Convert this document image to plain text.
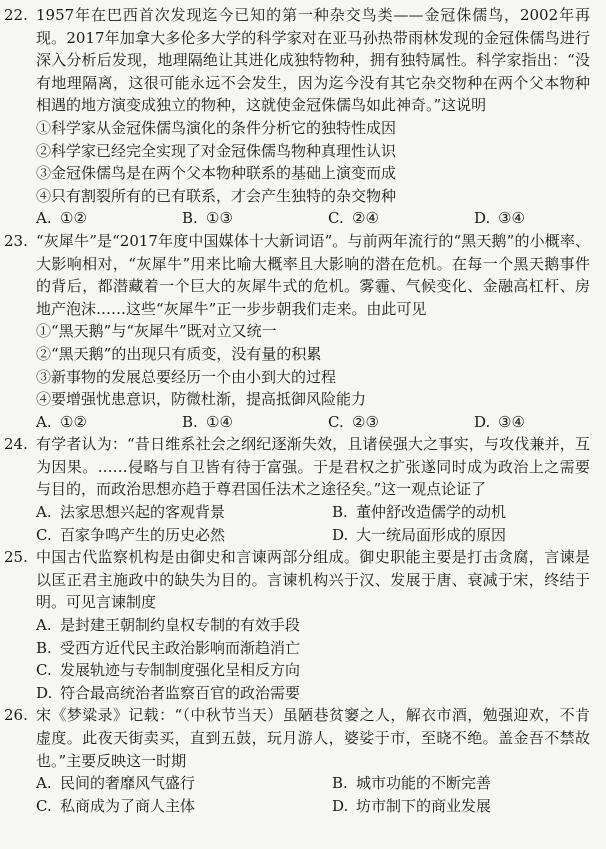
22. 1957年在巴西首次发现迄今已知的第一种杂交鸟类——金冠侏儒鸟，2002年再现。2017年加拿大多伦多大学的科学家对在亚马孙热带雨林发现的金冠侏儒鸟进行深入分析后发现，地理隔绝让其进化成独特物种，拥有独特属性。科学家指出：“没有地理隔离，这很可能永远不会发生，因为迄今没有其它杂交物种在两个父本物种相遇的地方演变成独立的物种，这就使金冠侏儒鸟如此神奇。”这说明
①科学家从金冠侏儒鸟演化的条件分析它的独特性成因
②科学家已经完全实现了对金冠侏儒鸟物种真理性认识
③金冠侏儒鸟是在两个父本物种联系的基础上演变而成
④只有割裂所有的已有联系，才会产生独特的杂交物种
A. ①②	B. ①③	C. ②④	D. ③④
23. “灰犀牛”是“2017年度中国媒体十大新词语”。与前两年流行的“黑天鹅”的小概率、大影响相对，“灰犀牛”用来比喻大概率且大影响的潜在危机。在每一个黑天鹅事件的背后，都潜藏着一个巨大的灰犀牛式的危机。雾霾、气候变化、金融高杠杆、房地产泡沫……这些“灰犀牛”正一步步朝我们走来。由此可见
①“黑天鹅”与“灰犀牛”既对立又统一
②“黑天鹅”的出现只有质变，没有量的积累
③新事物的发展总要经历一个由小到大的过程
④要增强忧患意识，防微杜渐，提高抵御风险能力
A. ①②	B. ①④	C. ②③	D. ③④
24. 有学者认为：“昔日维系社会之纲纪逐渐失效，且诸侯强大之事实，与攻伐兼并，互为因果。……侵略与自卫皆有待于富强。于是君权之扩张遂同时成为政治上之需要与目的，而政治思想亦趋于尊君国任法术之途径矣。”这一观点论证了
A. 法家思想兴起的客观背景	B. 董仲舒改造儒学的动机
C. 百家争鸣产生的历史必然	D. 大一统局面形成的原因
25. 中国古代监察机构是由御史和言谏两部分组成。御史职能主要是打击贪腐，言谏是以匡正君主施政中的缺失为目的。言谏机构兴于汉、发展于唐、衰减于宋，终结于明。可见言谏制度
A. 是封建王朝制约皇权专制的有效手段
B. 受西方近代民主政治影响而渐趋消亡
C. 发展轨迹与专制制度强化呈相反方向
D. 符合最高统治者监察百官的政治需要
26. 宋《梦粱录》记载：“（中秋节当天）虽陋巷贫窭之人，解衣市酒，勉强迎欢，不肯虚度。此夜天街卖买，直到五鼓，玩月游人，婆娑于市，至晓不绝。盖金吾不禁故也。”主要反映这一时期
A. 民间的奢靡风气盛行	B. 城市功能的不断完善
C. 私商成为了商人主体	D. 坊市制下的商业发展
